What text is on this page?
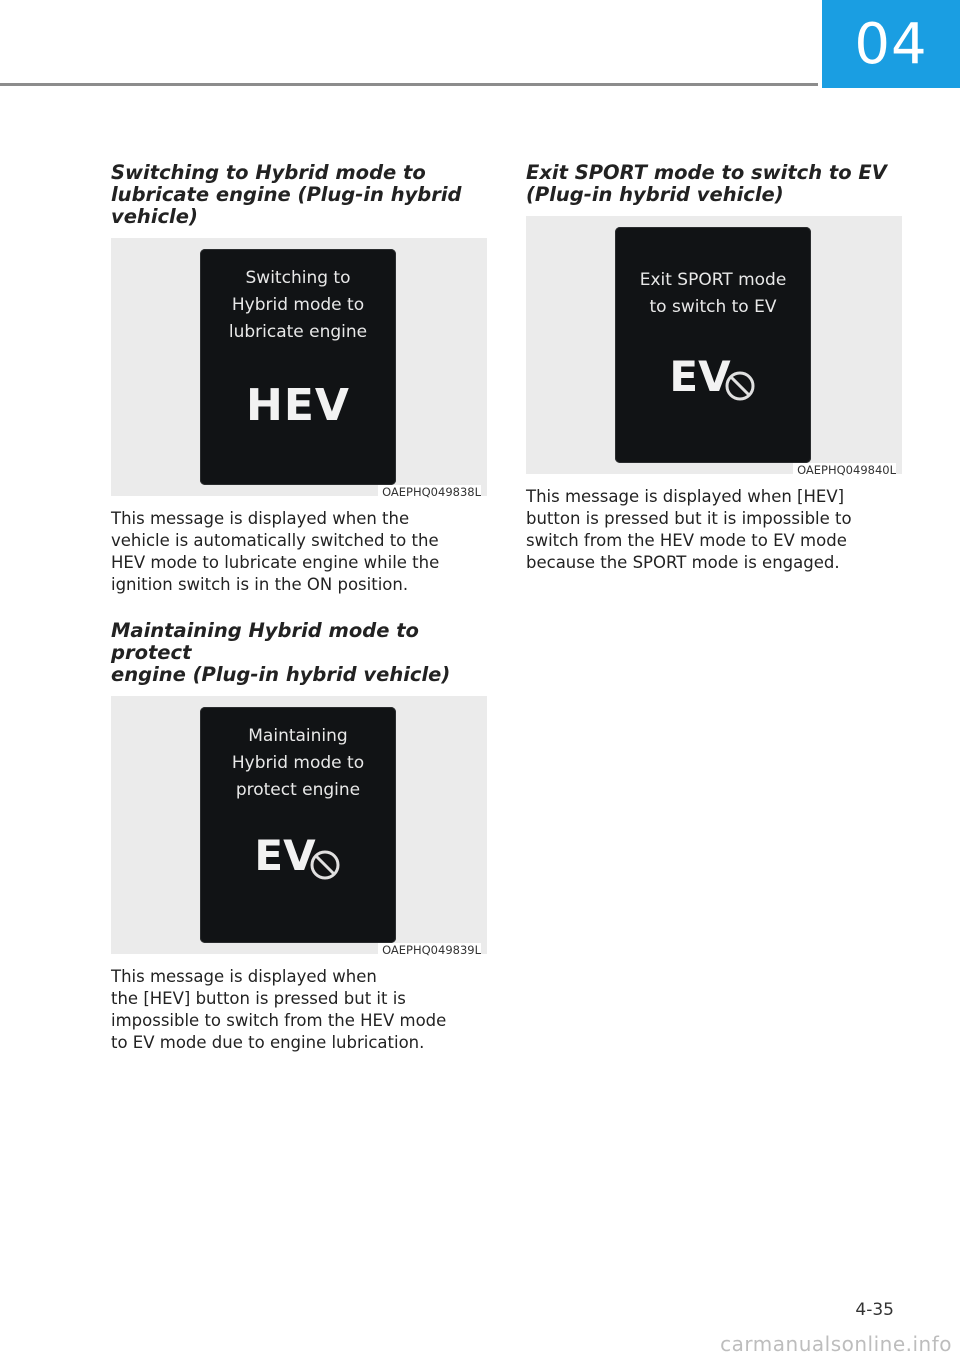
04
Switching to Hybrid mode to
lubricate engine (Plug-in hybrid
vehicle)
Switching to
Hybrid mode to
lubricate engine
HEV
OAEPHQ049838L

This message is displayed when the
vehicle is automatically switched to the
HEV mode to lubricate engine while the
ignition switch is in the ON position.

Maintaining Hybrid mode to protect
engine (Plug-in hybrid vehicle)
Maintaining
Hybrid mode to
protect engine
EV
OAEPHQ049839L

This message is displayed when
the [HEV] button is pressed but it is
impossible to switch from the HEV mode
to EV mode due to engine lubrication.

Exit SPORT mode to switch to EV
(Plug-in hybrid vehicle)
Exit SPORT mode
to switch to EV
EV
OAEPHQ049840L

This message is displayed when [HEV]
button is pressed but it is impossible to
switch from the HEV mode to EV mode
because the SPORT mode is engaged.

4-35
carmanualsonline.info
